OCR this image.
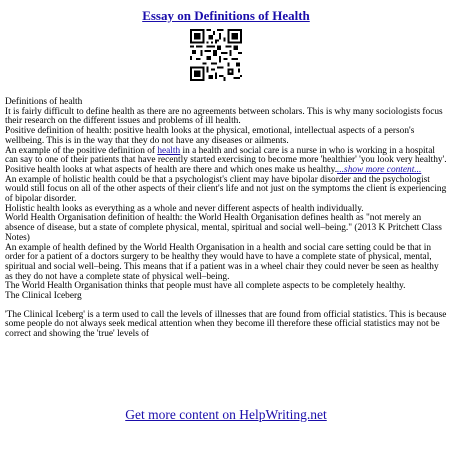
Essay on Definitions of Health

Definitions of health

It is fairly difficult to define health as there are no agreements between scholars. This is why many sociologists focus their research on the different issues and problems of ill health.

Positive definition of health: positive health looks at the physical, emotional, intellectual aspects of a person's wellbeing. This is in the way that they do not have any diseases or ailments.

An example of the positive definition of health in a health and social care is a nurse in who is working in a hospital can say to one of their patients that have recently started exercising to become more 'healthier' 'you look very healthy'.

Positive health looks at what aspects of health are there and which ones make us healthy....show more content...

An example of holistic health could be that a psychologist's client may have bipolar disorder and the psychologist would still focus on all of the other aspects of their client's life and not just on the symptoms the client is experiencing of bipolar disorder.

Holistic health looks as everything as a whole and never different aspects of health individually.

World Health Organisation definition of health: the World Health Organisation defines health as "not merely an absence of disease, but a state of complete physical, mental, spiritual and social well–being." (2013 K Pritchett Class Notes)

An example of health defined by the World Health Organisation in a health and social care setting could be that in order for a patient of a doctors surgery to be healthy they would have to have a complete state of physical, mental, spiritual and social well–being. This means that if a patient was in a wheel chair they could never be seen as healthy as they do not have a complete state of physical well–being.

The World Health Organisation thinks that people must have all complete aspects to be completely healthy.

The Clinical Iceberg

'The Clinical Iceberg' is a term used to call the levels of illnesses that are found from official statistics. This is because some people do not always seek medical attention when they become ill therefore these official statistics may not be correct and showing the 'true' levels of

Get more content on HelpWriting.net
